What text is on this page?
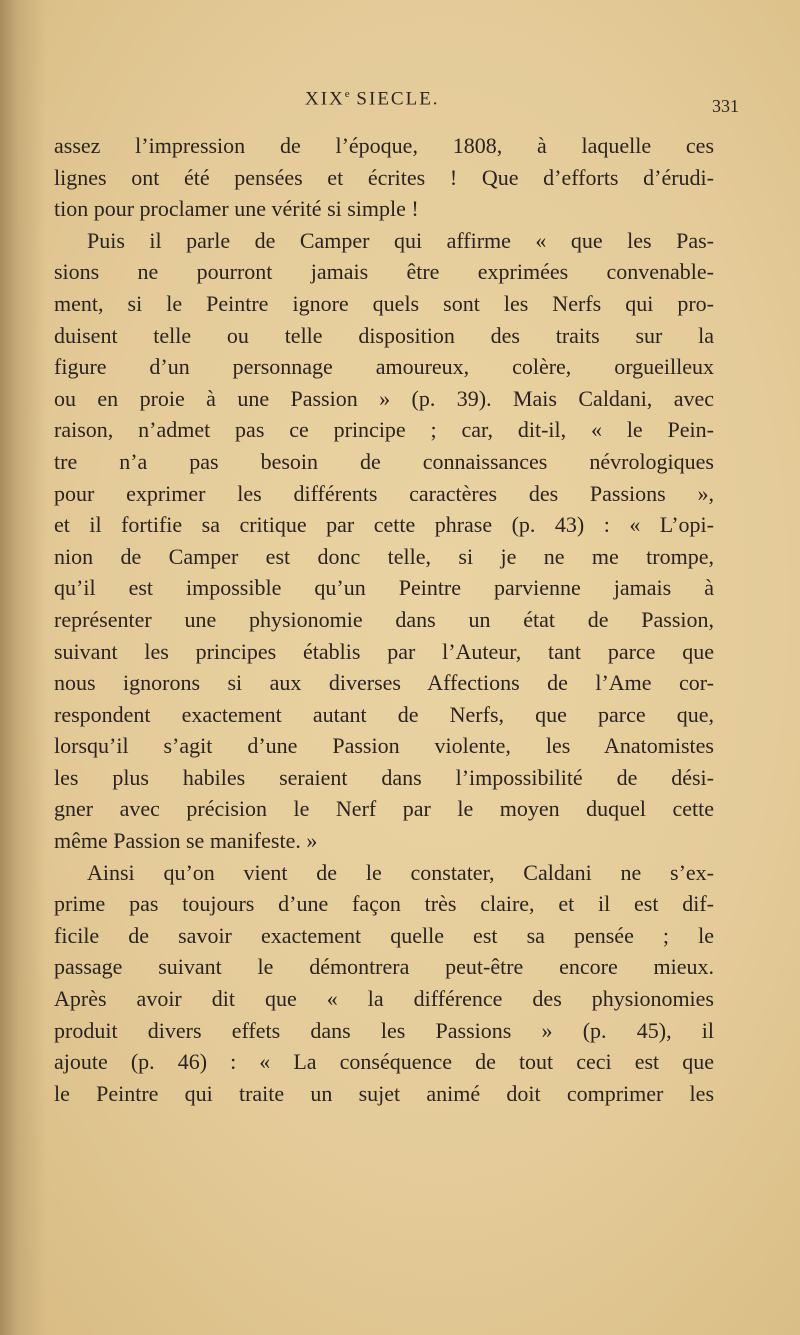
XIXe SIECLE.	331
assez l’impression de l’époque, 1808, à laquelle ces
lignes ont été pensées et écrites ! Que d’efforts d’érudi-
tion pour proclamer une vérité si simple !
Puis il parle de Camper qui affirme « que les Pas-
sions ne pourront jamais être exprimées convenable-
ment, si le Peintre ignore quels sont les Nerfs qui pro-
duisent telle ou telle disposition des traits sur la
figure d’un personnage amoureux, colère, orgueilleux
ou en proie à une Passion » (p. 39). Mais Caldani, avec
raison, n’admet pas ce principe ; car, dit-il, « le Pein-
tre n’a pas besoin de connaissances névrologiques
pour exprimer les différents caractères des Passions »,
et il fortifie sa critique par cette phrase (p. 43) : « L’opi-
nion de Camper est donc telle, si je ne me trompe,
qu’il est impossible qu’un Peintre parvienne jamais à
représenter une physionomie dans un état de Passion,
suivant les principes établis par l’Auteur, tant parce que
nous ignorons si aux diverses Affections de l’Ame cor-
respondent exactement autant de Nerfs, que parce que,
lorsqu’il s’agit d’une Passion violente, les Anatomistes
les plus habiles seraient dans l’impossibilité de dési-
gner avec précision le Nerf par le moyen duquel cette
même Passion se manifeste. »
Ainsi qu’on vient de le constater, Caldani ne s’ex-
prime pas toujours d’une façon très claire, et il est dif-
ficile de savoir exactement quelle est sa pensée ; le
passage suivant le démontrera peut-être encore mieux.
Après avoir dit que « la différence des physionomies
produit divers effets dans les Passions » (p. 45), il
ajoute (p. 46) : « La conséquence de tout ceci est que
le Peintre qui traite un sujet animé doit comprimer les
